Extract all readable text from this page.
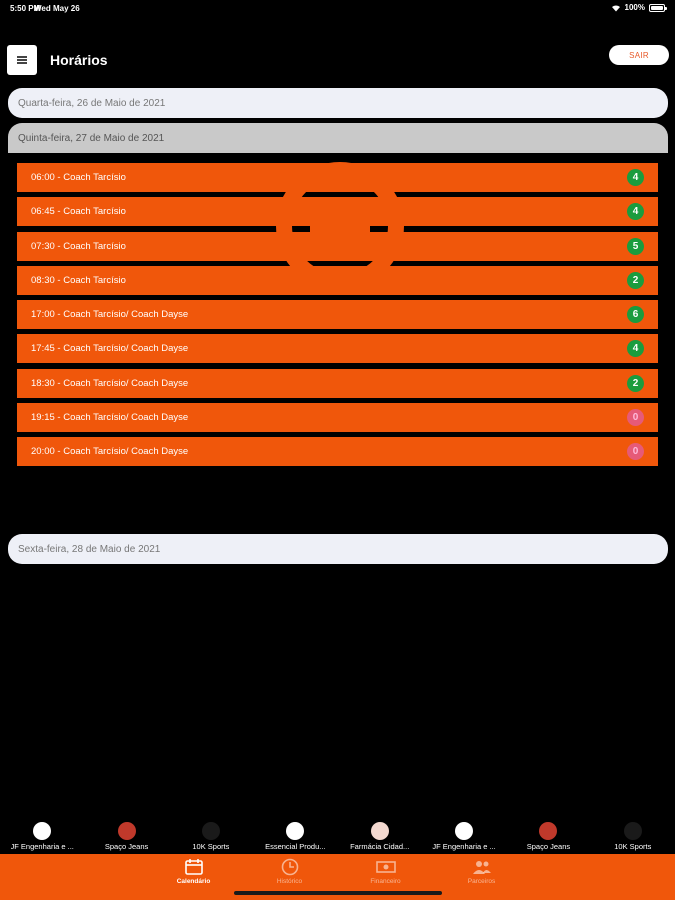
5:50 PM
Wed May 26	100%
Horários	SAIR
Quarta-feira, 26 de Maio de 2021
Quinta-feira, 27 de Maio de 2021
06:00 - Coach Tarcísio	4
06:45 - Coach Tarcísio	4
07:30 - Coach Tarcísio	5
08:30 - Coach Tarcísio	2
17:00 - Coach Tarcísio/ Coach Dayse	6
17:45 - Coach Tarcísio/ Coach Dayse	4
18:30 - Coach Tarcísio/ Coach Dayse	2
19:15 - Coach Tarcísio/ Coach Dayse	0
20:00 - Coach Tarcísio/ Coach Dayse	0
Sexta-feira, 28 de Maio de 2021
JF Engenharia e ...	Spaço Jeans	10K Sports	Essencial Produ...	Farmácia Cidad...	JF Engenharia e ...	Spaço Jeans	10K Sports
Calendário	Histórico	Financeiro	Parceiros
